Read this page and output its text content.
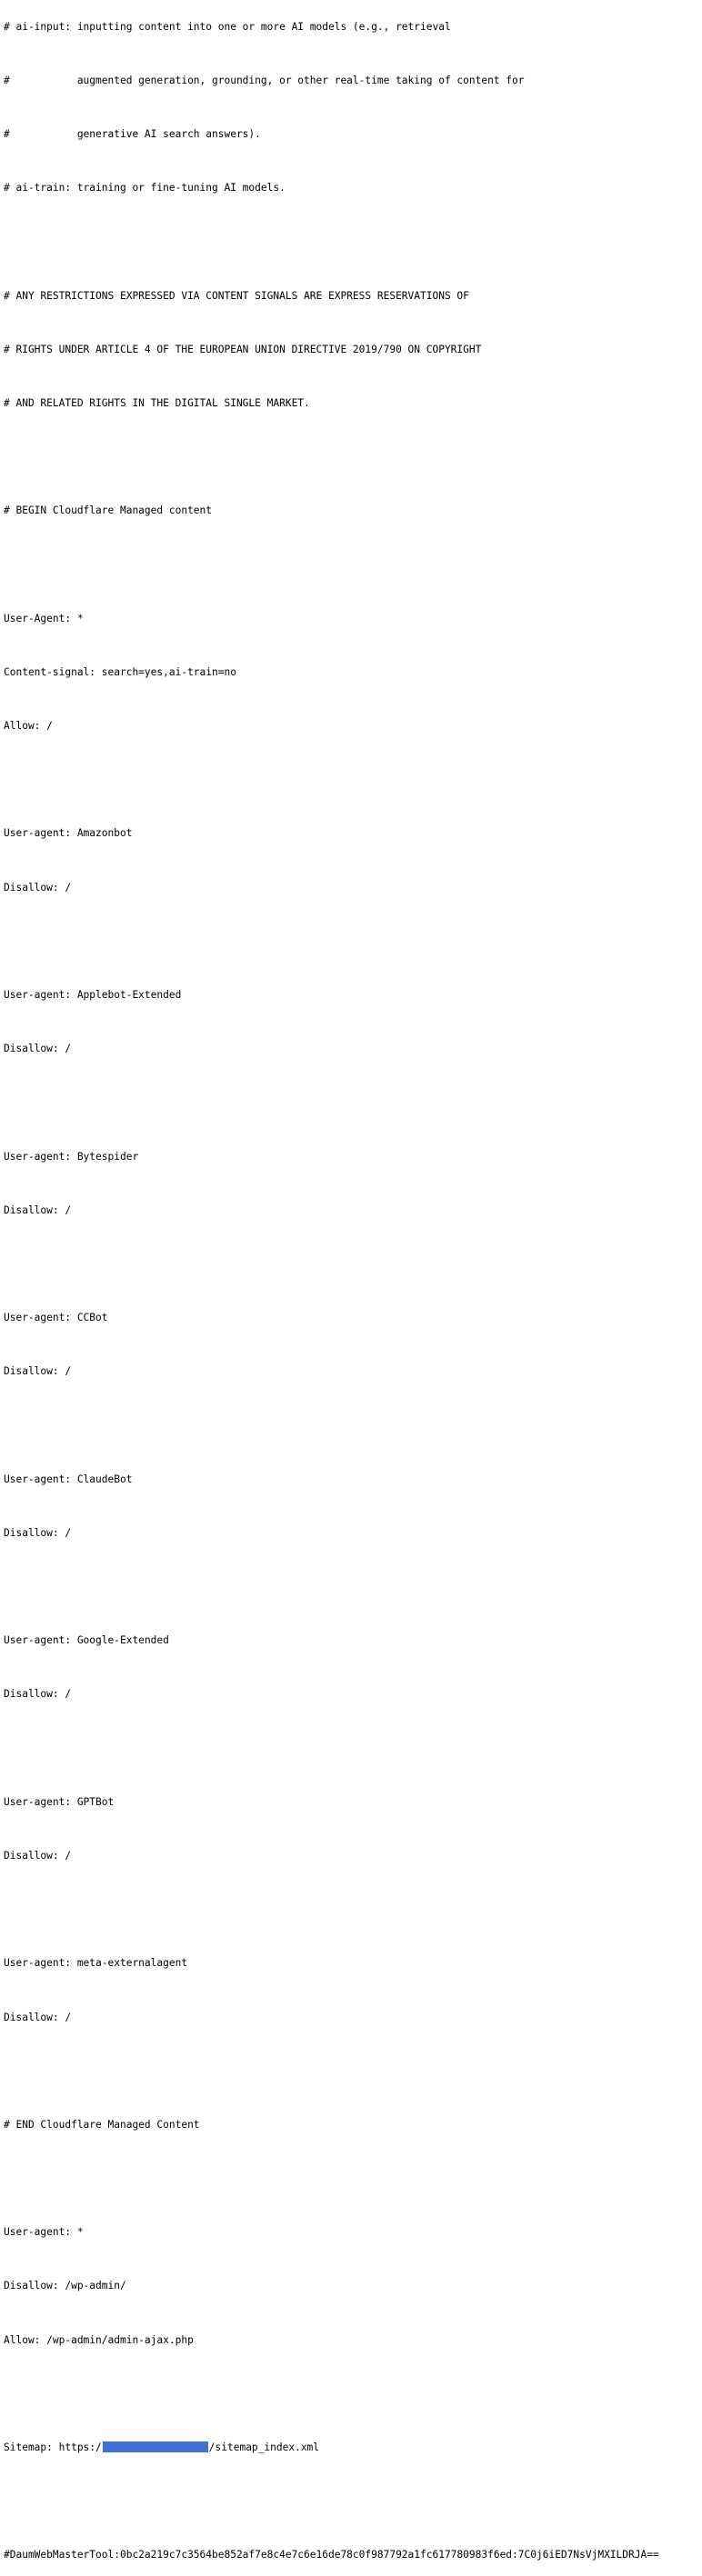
# ai-input: inputting content into one or more AI models (e.g., retrieval

#           augmented generation, grounding, or other real-time taking of content for

#           generative AI search answers).

# ai-train: training or fine-tuning AI models.

# ANY RESTRICTIONS EXPRESSED VIA CONTENT SIGNALS ARE EXPRESS RESERVATIONS OF

# RIGHTS UNDER ARTICLE 4 OF THE EUROPEAN UNION DIRECTIVE 2019/790 ON COPYRIGHT

# AND RELATED RIGHTS IN THE DIGITAL SINGLE MARKET.

# BEGIN Cloudflare Managed content

User-Agent: *

Content-signal: search=yes,ai-train=no

Allow: /

User-agent: Amazonbot

Disallow: /

User-agent: Applebot-Extended

Disallow: /

User-agent: Bytespider

Disallow: /

User-agent: CCBot

Disallow: /

User-agent: ClaudeBot

Disallow: /

User-agent: Google-Extended

Disallow: /

User-agent: GPTBot

Disallow: /

User-agent: meta-externalagent

Disallow: /

# END Cloudflare Managed Content

User-agent: *

Disallow: /wp-admin/

Allow: /wp-admin/admin-ajax.php

Sitemap: https:/	/sitemap_index.xml

#DaumWebMasterTool:0bc2a219c7c3564be852af7e8c4e7c6e16de78c0f987792a1fc617780983f6ed:7C0j6iED7NsVjMXILDRJA==
